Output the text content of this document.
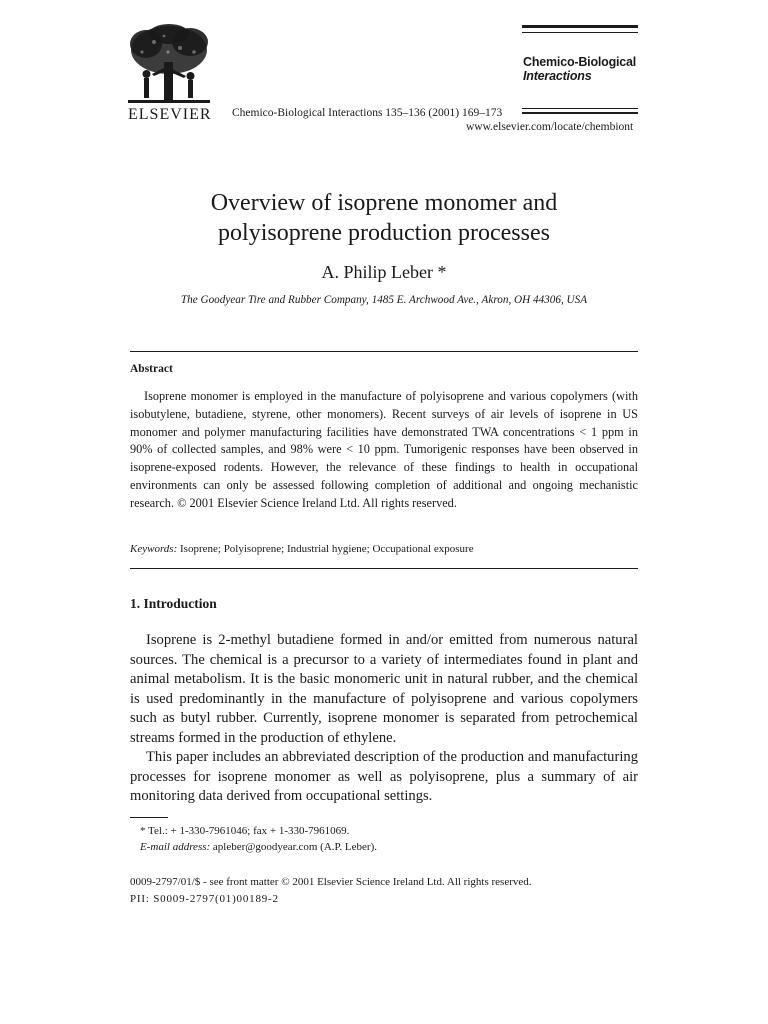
ELSEVIER Chemico-Biological Interactions 135–136 (2001) 169–173
www.elsevier.com/locate/chembiont
Chemico-Biological
Interactions
Overview of isoprene monomer and
polyisoprene production processes
A. Philip Leber *
The Goodyear Tire and Rubber Company, 1485 E. Archwood Ave., Akron, OH 44306, USA
Abstract
Isoprene monomer is employed in the manufacture of polyisoprene and various copolymers (with isobutylene, butadiene, styrene, other monomers). Recent surveys of air levels of isoprene in US monomer and polymer manufacturing facilities have demonstrated TWA concentrations < 1 ppm in 90% of collected samples, and 98% were < 10 ppm. Tumorigenic responses have been observed in isoprene-exposed rodents. However, the relevance of these findings to health in occupational environments can only be assessed following completion of additional and ongoing mechanistic research. © 2001 Elsevier Science Ireland Ltd. All rights reserved.
Keywords: Isoprene; Polyisoprene; Industrial hygiene; Occupational exposure
1. Introduction
Isoprene is 2-methyl butadiene formed in and/or emitted from numerous natural sources. The chemical is a precursor to a variety of intermediates found in plant and animal metabolism. It is the basic monomeric unit in natural rubber, and the chemical is used predominantly in the manufacture of polyisoprene and various copolymers such as butyl rubber. Currently, isoprene monomer is separated from petrochemical streams formed in the production of ethylene.
This paper includes an abbreviated description of the production and manufacturing processes for isoprene monomer as well as polyisoprene, plus a summary of air monitoring data derived from occupational settings.
* Tel.: + 1-330-7961046; fax + 1-330-7961069.
E-mail address: apleber@goodyear.com (A.P. Leber).
0009-2797/01/$ - see front matter © 2001 Elsevier Science Ireland Ltd. All rights reserved.
PII: S0009-2797(01)00189-2
